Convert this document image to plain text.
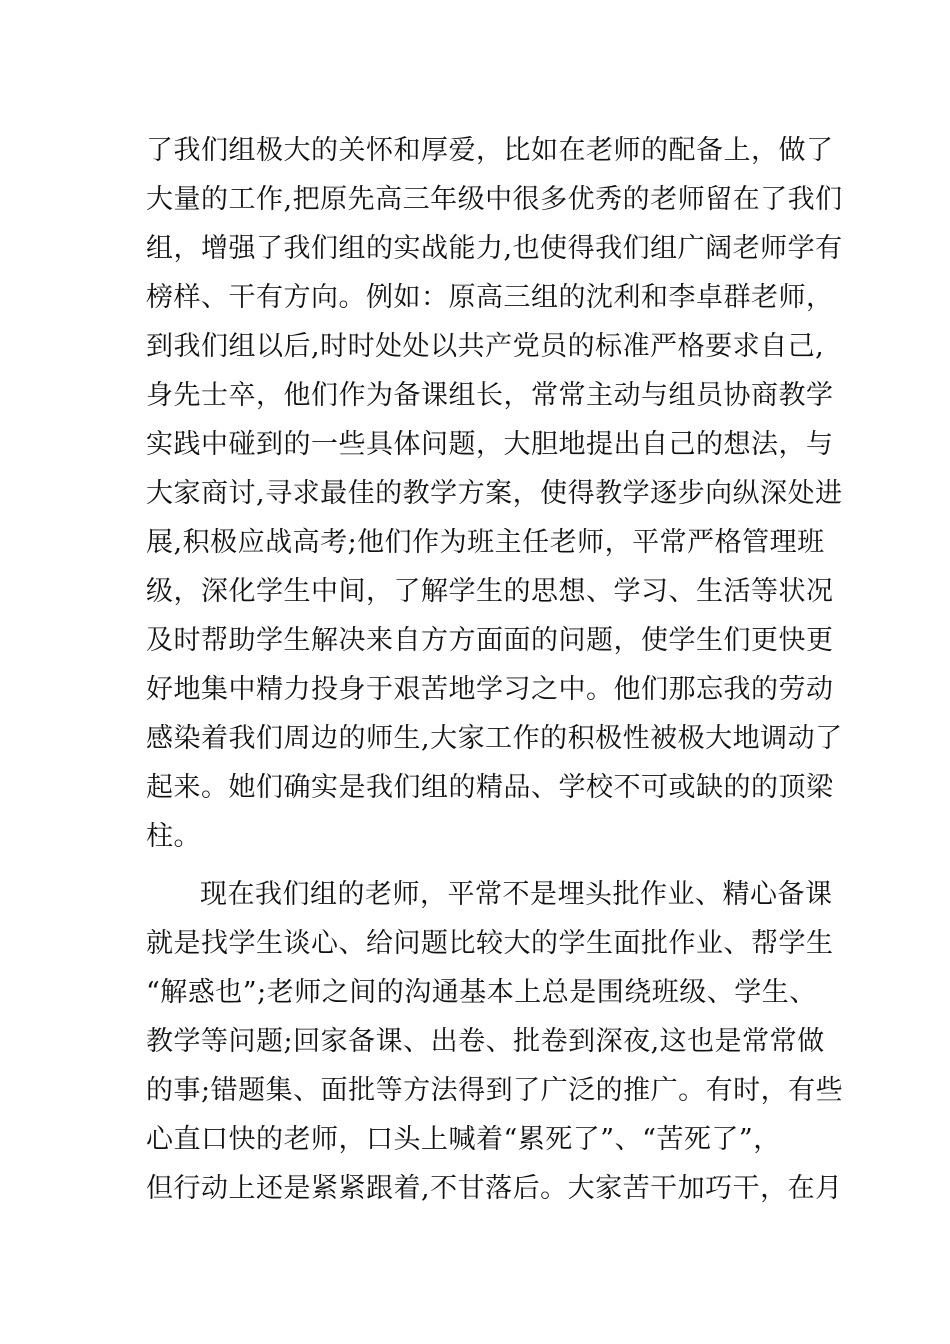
了我们组极大的关怀和厚爱，比如在老师的配备上，做了
大量的工作,把原先高三年级中很多优秀的老师留在了我们
组，增强了我们组的实战能力,也使得我们组广阔老师学有
榜样、干有方向。例如：原高三组的沈利和李卓群老师，
到我们组以后,时时处处以共产党员的标准严格要求自己,
身先士卒，他们作为备课组长，常常主动与组员协商教学
实践中碰到的一些具体问题，大胆地提出自己的想法，与
大家商讨,寻求最佳的教学方案，使得教学逐步向纵深处进
展,积极应战高考;他们作为班主任老师，平常严格管理班
级，深化学生中间，了解学生的思想、学习、生活等状况
及时帮助学生解决来自方方面面的问题，使学生们更快更
好地集中精力投身于艰苦地学习之中。他们那忘我的劳动
感染着我们周边的师生,大家工作的积极性被极大地调动了
起来。她们确实是我们组的精品、学校不可或缺的的顶梁
柱。
现在我们组的老师，平常不是埋头批作业、精心备课
就是找学生谈心、给问题比较大的学生面批作业、帮学生
“解惑也”;老师之间的沟通基本上总是围绕班级、学生、
教学等问题;回家备课、出卷、批卷到深夜,这也是常常做
的事;错题集、面批等方法得到了广泛的推广。有时，有些
心直口快的老师，口头上喊着“累死了”、“苦死了”，
但行动上还是紧紧跟着,不甘落后。大家苦干加巧干，在月
